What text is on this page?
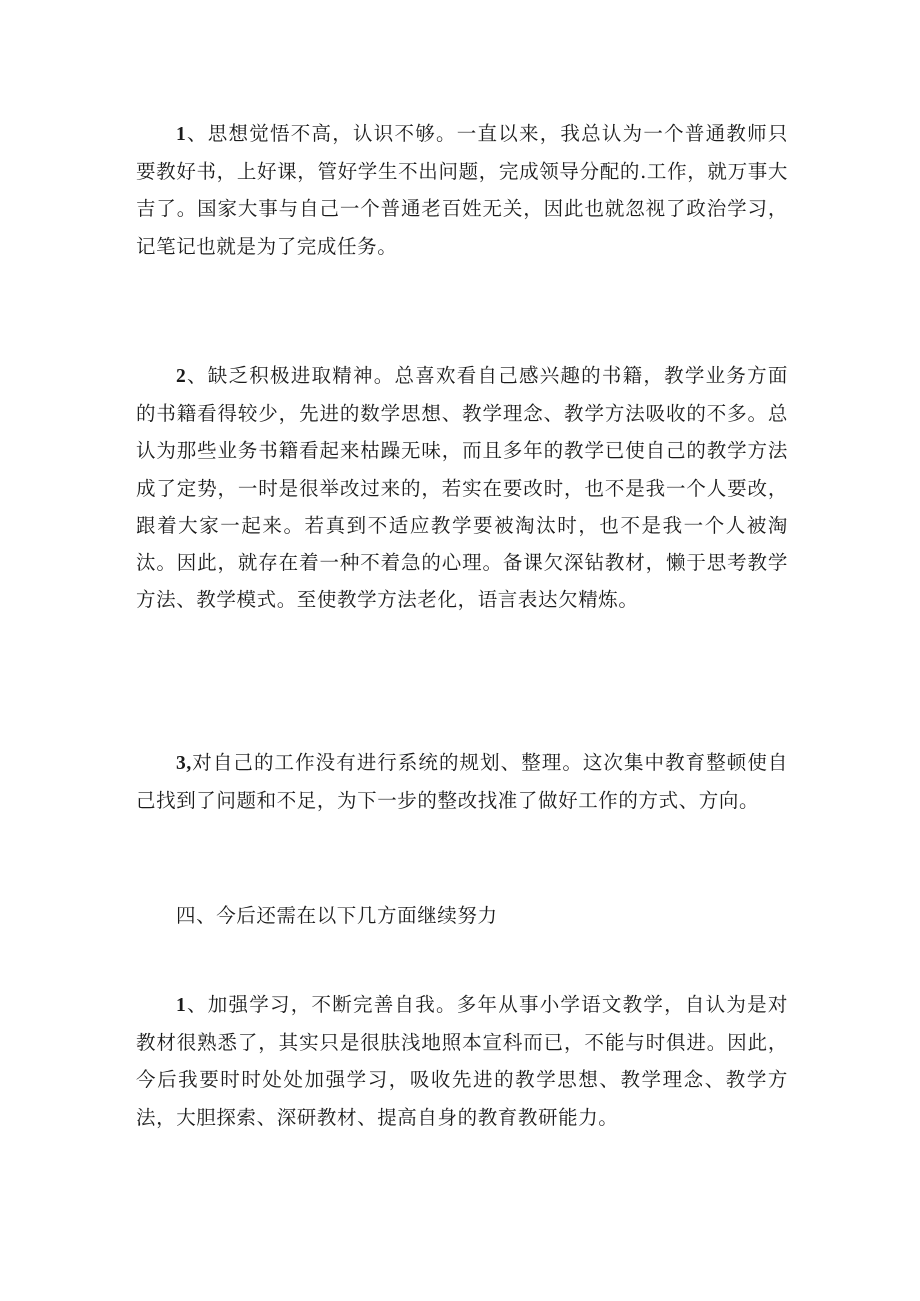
1、思想觉悟不高，认识不够。一直以来，我总认为一个普通教师只要教好书，上好课，管好学生不出问题，完成领导分配的.工作，就万事大吉了。国家大事与自己一个普通老百姓无关，因此也就忽视了政治学习，记笔记也就是为了完成任务。

2、缺乏积极进取精神。总喜欢看自己感兴趣的书籍，教学业务方面的书籍看得较少，先进的数学思想、教学理念、教学方法吸收的不多。总认为那些业务书籍看起来枯躁无味，而且多年的教学已使自己的教学方法成了定势，一时是很举改过来的，若实在要改时，也不是我一个人要改，跟着大家一起来。若真到不适应教学要被淘汰时，也不是我一个人被淘汰。因此，就存在着一种不着急的心理。备课欠深钻教材，懒于思考教学方法、教学模式。至使教学方法老化，语言表达欠精炼。

3,对自己的工作没有进行系统的规划、整理。这次集中教育整顿使自己找到了问题和不足，为下一步的整改找准了做好工作的方式、方向。

四、今后还需在以下几方面继续努力

1、加强学习，不断完善自我。多年从事小学语文教学，自认为是对教材很熟悉了，其实只是很肤浅地照本宣科而已，不能与时俱进。因此，今后我要时时处处加强学习，吸收先进的教学思想、教学理念、教学方法，大胆探索、深研教材、提高自身的教育教研能力。
